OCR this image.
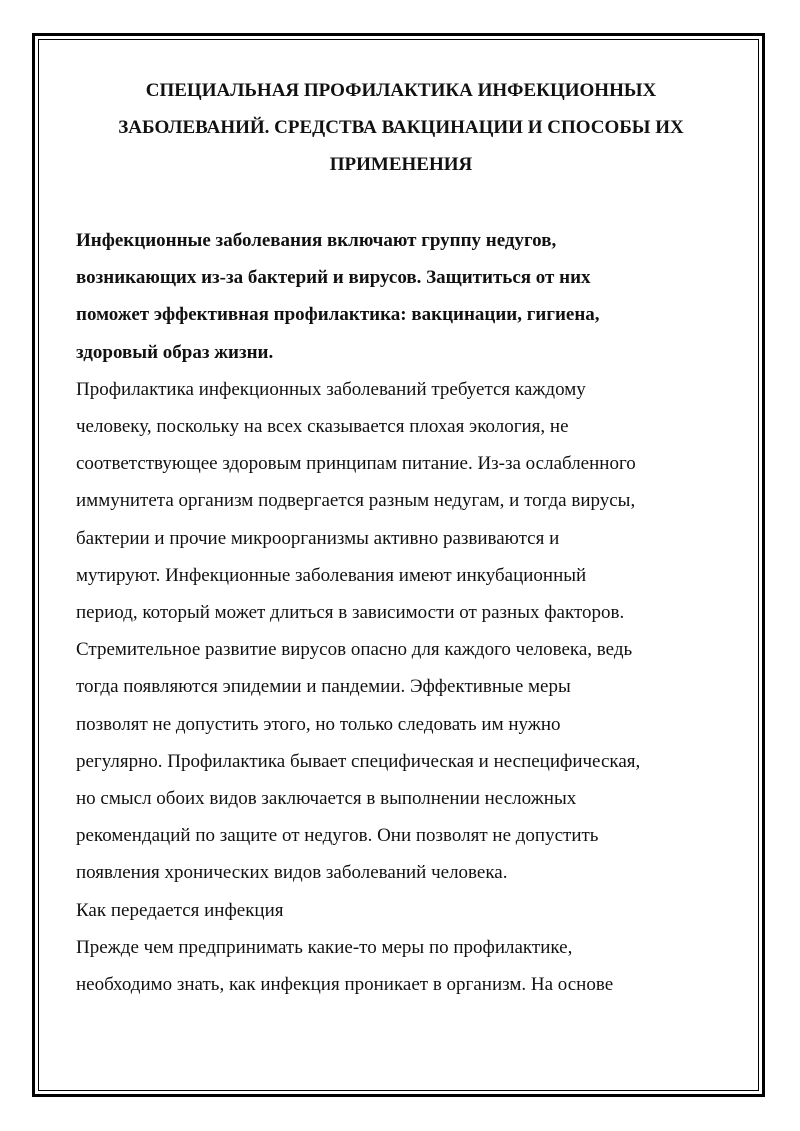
СПЕЦИАЛЬНАЯ ПРОФИЛАКТИКА ИНФЕКЦИОННЫХ
ЗАБОЛЕВАНИЙ. СРЕДСТВА ВАКЦИНАЦИИ И СПОСОБЫ ИХ
ПРИМЕНЕНИЯ

Инфекционные заболевания включают группу недугов,
возникающих из-за бактерий и вирусов. Защититься от них
поможет эффективная профилактика: вакцинации, гигиена,
здоровый образ жизни.

Профилактика инфекционных заболеваний требуется каждому
человеку, поскольку на всех сказывается плохая экология, не
соответствующее здоровым принципам питание. Из-за ослабленного
иммунитета организм подвергается разным недугам, и тогда вирусы,
бактерии и прочие микроорганизмы активно развиваются и
мутируют. Инфекционные заболевания имеют инкубационный
период, который может длиться в зависимости от разных факторов.
Стремительное развитие вирусов опасно для каждого человека, ведь
тогда появляются эпидемии и пандемии. Эффективные меры
позволят не допустить этого, но только следовать им нужно
регулярно. Профилактика бывает специфическая и неспецифическая,
но смысл обоих видов заключается в выполнении несложных
рекомендаций по защите от недугов. Они позволят не допустить
появления хронических видов заболеваний человека.

Как передается инфекция

Прежде чем предпринимать какие-то меры по профилактике,
необходимо знать, как инфекция проникает в организм. На основе
